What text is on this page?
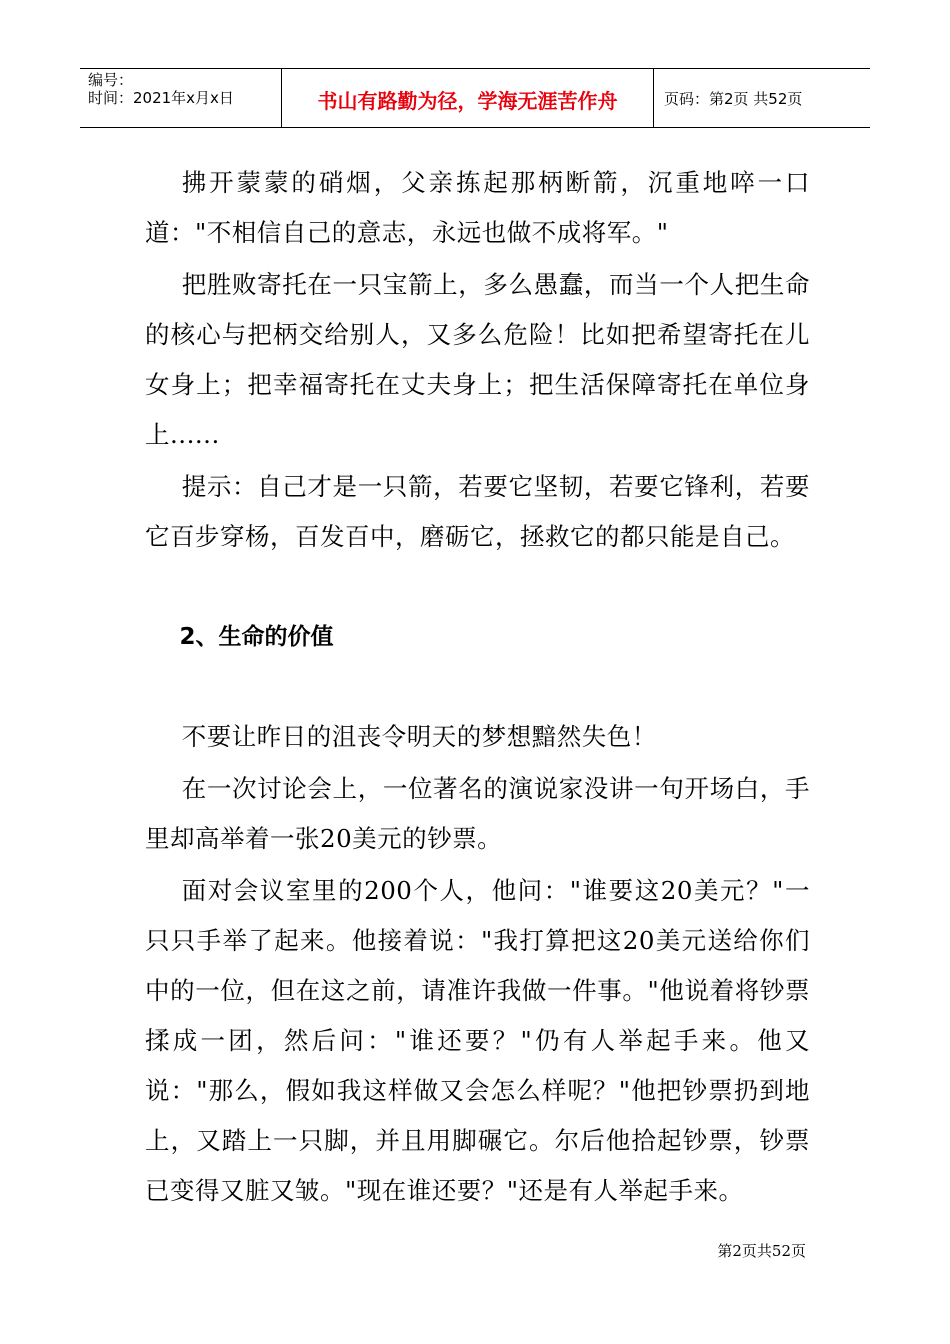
编号：
时间：2021年x月x日	书山有路勤为径，学海无涯苦作舟	页码：第2页 共52页

拂开蒙蒙的硝烟，父亲拣起那柄断箭，沉重地啐一口道："不相信自己的意志，永远也做不成将军。"

把胜败寄托在一只宝箭上，多么愚蠢，而当一个人把生命的核心与把柄交给别人，又多么危险！比如把希望寄托在儿女身上；把幸福寄托在丈夫身上；把生活保障寄托在单位身上......

提示：自己才是一只箭，若要它坚韧，若要它锋利，若要它百步穿杨，百发百中，磨砺它，拯救它的都只能是自己。

2、生命的价值

不要让昨日的沮丧令明天的梦想黯然失色！

在一次讨论会上，一位著名的演说家没讲一句开场白，手里却高举着一张20美元的钞票。

面对会议室里的200个人，他问："谁要这20美元？"一只只手举了起来。他接着说："我打算把这20美元送给你们中的一位，但在这之前，请准许我做一件事。"他说着将钞票揉成一团，然后问："谁还要？"仍有人举起手来。他又说："那么，假如我这样做又会怎么样呢？"他把钞票扔到地上，又踏上一只脚，并且用脚碾它。尔后他拾起钞票，钞票已变得又脏又皱。"现在谁还要？"还是有人举起手来。

第2页共52页
